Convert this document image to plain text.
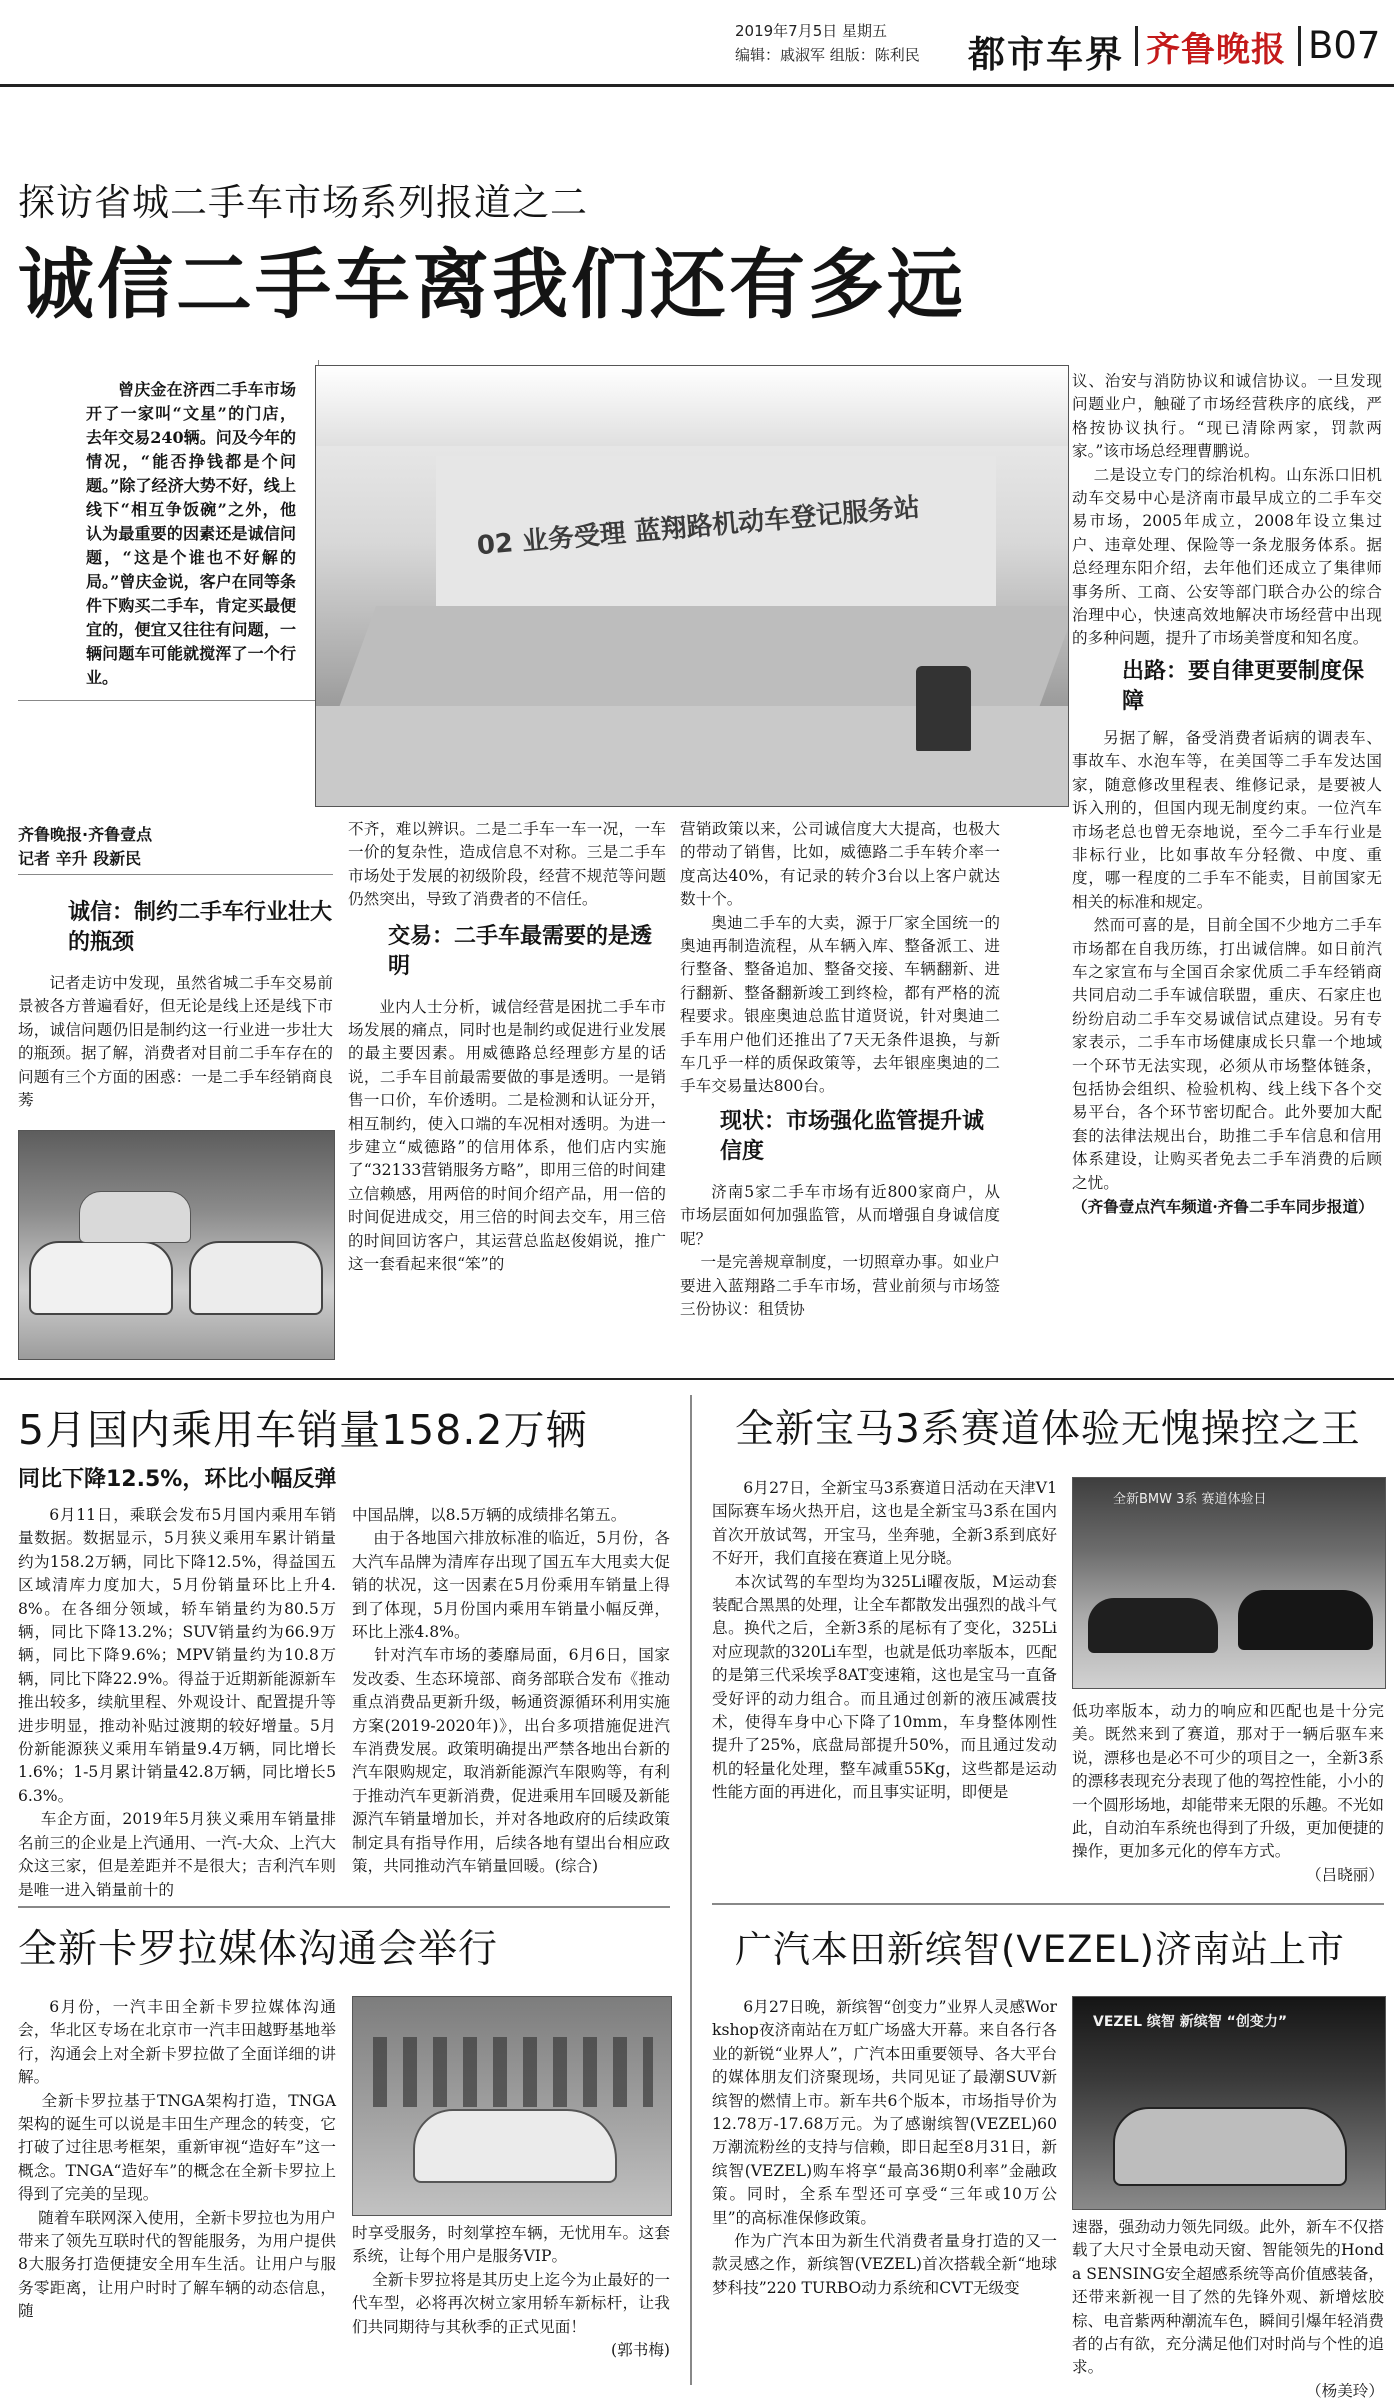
2019年7月5日 星期五
编辑：戚淑军 组版：陈利民 都市车界 齐鲁晚报 B07
探访省城二手车市场系列报道之二
诚信二手车离我们还有多远

曾庆金在济西二手车市场开了一家叫“文星”的门店，去年交易240辆。问及今年的情况，“能否挣钱都是个问题。”除了经济大势不好，线上线下“相互争饭碗”之外，他认为最重要的因素还是诚信问题，“这是个谁也不好解的局。”曾庆金说，客户在同等条件下购买二手车，肯定买最便宜的，便宜又往往有问题，一辆问题车可能就搅浑了一个行业。

02 业务受理 蓝翔路机动车登记服务站
齐鲁晚报·齐鲁壹点
记者 辛升 段新民

诚信：制约二手车行业壮大的瓶颈

记者走访中发现，虽然省城二手车交易前景被各方普遍看好，但无论是线上还是线下市场，诚信问题仍旧是制约这一行业进一步壮大的瓶颈。据了解，消费者对目前二手车存在的问题有三个方面的困惑：一是二手车经销商良莠

不齐，难以辨识。二是二手车一车一况，一车一价的复杂性，造成信息不对称。三是二手车市场处于发展的初级阶段，经营不规范等问题仍然突出，导致了消费者的不信任。

交易：二手车最需要的是透明

业内人士分析，诚信经营是困扰二手车市场发展的痛点，同时也是制约或促进行业发展的最主要因素。用威德路总经理彭方星的话说，二手车目前最需要做的事是透明。一是销售一口价，车价透明。二是检测和认证分开，相互制约，使入口端的车况相对透明。为进一步建立“威德路”的信用体系，他们店内实施了“32133营销服务方略”，即用三倍的时间建立信赖感，用两倍的时间介绍产品，用一倍的时间促进成交，用三倍的时间去交车，用三倍的时间回访客户，其运营总监赵俊娟说，推广这一套看起来很“笨”的

营销政策以来，公司诚信度大大提高，也极大的带动了销售，比如，威德路二手车转介率一度高达40%，有记录的转介3台以上客户就达数十个。

奥迪二手车的大卖，源于厂家全国统一的奥迪再制造流程，从车辆入库、整备派工、进行整备、整备追加、整备交接、车辆翻新、进行翻新、整备翻新竣工到终检，都有严格的流程要求。银座奥迪总监甘道贤说，针对奥迪二手车用户他们还推出了7天无条件退换，与新车几乎一样的质保政策等，去年银座奥迪的二手车交易量达800台。

现状：市场强化监管提升诚信度

济南5家二手车市场有近800家商户，从市场层面如何加强监管，从而增强自身诚信度呢？
一是完善规章制度，一切照章办事。如业户要进入蓝翔路二手车市场，营业前须与市场签三份协议：租赁协

议、治安与消防协议和诚信协议。一旦发现问题业户，触碰了市场经营秩序的底线，严格按协议执行。“现已清除两家，罚款两家。”该市场总经理曹鹏说。
二是设立专门的综治机构。山东泺口旧机动车交易中心是济南市最早成立的二手车交易市场，2005年成立，2008年设立集过户、违章处理、保险等一条龙服务体系。据总经理东阳介绍，去年他们还成立了集律师事务所、工商、公安等部门联合办公的综合治理中心，快速高效地解决市场经营中出现的多种问题，提升了市场美誉度和知名度。

出路：要自律更要制度保障

另据了解，备受消费者诟病的调表车、事故车、水泡车等，在美国等二手车发达国家，随意修改里程表、维修记录，是要被人诉入刑的，但国内现无制度约束。一位汽车市场老总也曾无奈地说，至今二手车行业是非标行业，比如事故车分轻微、中度、重度，哪一程度的二手车不能卖，目前国家无相关的标准和规定。
然而可喜的是，目前全国不少地方二手车市场都在自我历练，打出诚信牌。如日前汽车之家宣布与全国百余家优质二手车经销商共同启动二手车诚信联盟，重庆、石家庄也纷纷启动二手车交易诚信试点建设。另有专家表示，二手车市场健康成长只靠一个地域一个环节无法实现，必须从市场整体链条，包括协会组织、检验机构、线上线下各个交易平台，各个环节密切配合。此外要加大配套的法律法规出台，助推二手车信息和信用体系建设，让购买者免去二手车消费的后顾之忧。

（齐鲁壹点汽车频道·齐鲁二手车同步报道）

5月国内乘用车销量158.2万辆
同比下降12.5%，环比小幅反弹

6月11日，乘联会发布5月国内乘用车销量数据。数据显示，5月狭义乘用车累计销量约为158.2万辆，同比下降12.5%，得益国五区域清库力度加大，5月份销量环比上升4.8%。在各细分领域，轿车销量约为80.5万辆，同比下降13.2%；SUV销量约为66.9万辆，同比下降9.6%；MPV销量约为10.8万辆，同比下降22.9%。得益于近期新能源新车推出较多，续航里程、外观设计、配置提升等进步明显，推动补贴过渡期的较好增量。5月份新能源狭义乘用车销量9.4万辆，同比增长1.6%；1-5月累计销量42.8万辆，同比增长56.3%。
车企方面，2019年5月狭义乘用车销量排名前三的企业是上汽通用、一汽-大众、上汽大众这三家，但是差距并不是很大；吉利汽车则是唯一进入销量前十的

中国品牌，以8.5万辆的成绩排名第五。
由于各地国六排放标准的临近，5月份，各大汽车品牌为清库存出现了国五车大甩卖大促销的状况，这一因素在5月份乘用车销量上得到了体现，5月份国内乘用车销量小幅反弹，环比上涨4.8%。
针对汽车市场的萎靡局面，6月6日，国家发改委、生态环境部、商务部联合发布《推动重点消费品更新升级，畅通资源循环利用实施方案(2019-2020年)》，出台多项措施促进汽车消费发展。政策明确提出严禁各地出台新的汽车限购规定，取消新能源汽车限购等，有利于推动汽车更新消费，促进乘用车回暖及新能源汽车销量增加长，并对各地政府的后续政策制定具有指导作用，后续各地有望出台相应政策，共同推动汽车销量回暖。(综合)

全新宝马3系赛道体验无愧操控之王

6月27日，全新宝马3系赛道日活动在天津V1国际赛车场火热开启，这也是全新宝马3系在国内首次开放试驾，开宝马，坐奔驰，全新3系到底好不好开，我们直接在赛道上见分晓。
本次试驾的车型均为325Li曜夜版，M运动套装配合黑黑的处理，让全车都散发出强烈的战斗气息。换代之后，全新3系的尾标有了变化，325Li对应现款的320Li车型，也就是低功率版本，匹配的是第三代采埃孚8AT变速箱，这也是宝马一直备受好评的动力组合。而且通过创新的液压减震技术，使得车身中心下降了10mm，车身整体刚性提升了25%，底盘局部提升50%，而且通过发动机的轻量化处理，整车减重55Kg，这些都是运动性能方面的再进化，而且事实证明，即便是

全新BMW 3系 赛道体验日

低功率版本，动力的响应和匹配也是十分完美。既然来到了赛道，那对于一辆后驱车来说，漂移也是必不可少的项目之一，全新3系的漂移表现充分表现了他的驾控性能，小小的一个圆形场地，却能带来无限的乐趣。不光如此，自动泊车系统也得到了升级，更加便捷的操作，更加多元化的停车方式。

（吕晓丽）

全新卡罗拉媒体沟通会举行

6月份，一汽丰田全新卡罗拉媒体沟通会，华北区专场在北京市一汽丰田越野基地举行，沟通会上对全新卡罗拉做了全面详细的讲解。
全新卡罗拉基于TNGA架构打造，TNGA架构的诞生可以说是丰田生产理念的转变，它打破了过往思考框架，重新审视“造好车”这一概念。TNGA“造好车”的概念在全新卡罗拉上得到了完美的呈现。
随着车联网深入使用，全新卡罗拉也为用户带来了领先互联时代的智能服务，为用户提供8大服务打造便捷安全用车生活。让用户与服务零距离，让用户时时了解车辆的动态信息，随

时享受服务，时刻掌控车辆，无忧用车。这套系统，让每个用户是服务VIP。
全新卡罗拉将是其历史上迄今为止最好的一代车型，必将再次树立家用轿车新标杆，让我们共同期待与其秋季的正式见面！

(郭书梅)

广汽本田新缤智(VEZEL)济南站上市

6月27日晚，新缤智“创变力”业界人灵感Workshop夜济南站在万虹广场盛大开幕。来自各行各业的新锐“业界人”，广汽本田重要领导、各大平台的媒体朋友们济聚现场，共同见证了最潮SUV新缤智的燃情上市。新车共6个版本，市场指导价为12.78万-17.68万元。为了感谢缤智(VEZEL)60万潮流粉丝的支持与信赖，即日起至8月31日，新缤智(VEZEL)购车将享“最高36期0利率”金融政策。同时，全系车型还可享受“三年或10万公里”的高标准保修政策。
作为广汽本田为新生代消费者量身打造的又一款灵感之作，新缤智(VEZEL)首次搭载全新“地球梦科技”220 TURBO动力系统和CVT无级变

VEZEL 缤智 新缤智 “创变力”

速器，强劲动力领先同级。此外，新车不仅搭载了大尺寸全景电动天窗、智能领先的Honda SENSING安全超感系统等高价值感装备，还带来新视一目了然的先锋外观、新增炫胶棕、电音紫两种潮流车色，瞬间引爆年轻消费者的占有欲，充分满足他们对时尚与个性的追求。

（杨美玲）
